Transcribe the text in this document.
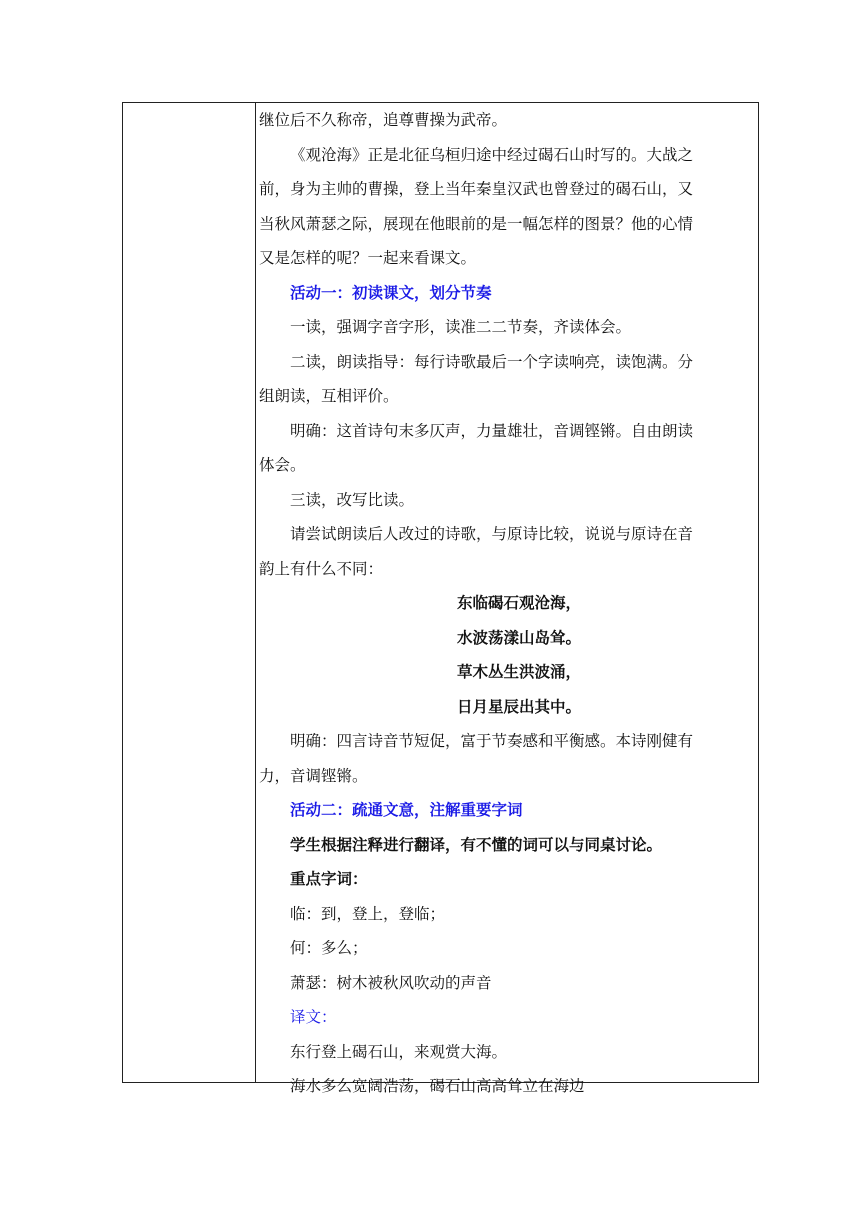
继位后不久称帝，追尊曹操为武帝。
《观沧海》正是北征乌桓归途中经过碣石山时写的。大战之
前，身为主帅的曹操，登上当年秦皇汉武也曾登过的碣石山，又
当秋风萧瑟之际，展现在他眼前的是一幅怎样的图景？他的心情
又是怎样的呢？一起来看课文。
活动一：初读课文，划分节奏
一读，强调字音字形，读准二二节奏，齐读体会。
二读，朗读指导：每行诗歌最后一个字读响亮，读饱满。分
组朗读，互相评价。
明确：这首诗句末多仄声，力量雄壮，音调铿锵。自由朗读
体会。
三读，改写比读。
请尝试朗读后人改过的诗歌，与原诗比较，说说与原诗在音
韵上有什么不同：
东临碣石观沧海，
水波荡漾山岛耸。
草木丛生洪波涌，
日月星辰出其中。
明确：四言诗音节短促，富于节奏感和平衡感。本诗刚健有
力，音调铿锵。
活动二：疏通文意，注解重要字词
学生根据注释进行翻译，有不懂的词可以与同桌讨论。
重点字词：
临：到，登上，登临；
何：多么；
萧瑟：树木被秋风吹动的声音
译文：
东行登上碣石山，来观赏大海。
海水多么宽阔浩荡，碣石山高高耸立在海边
